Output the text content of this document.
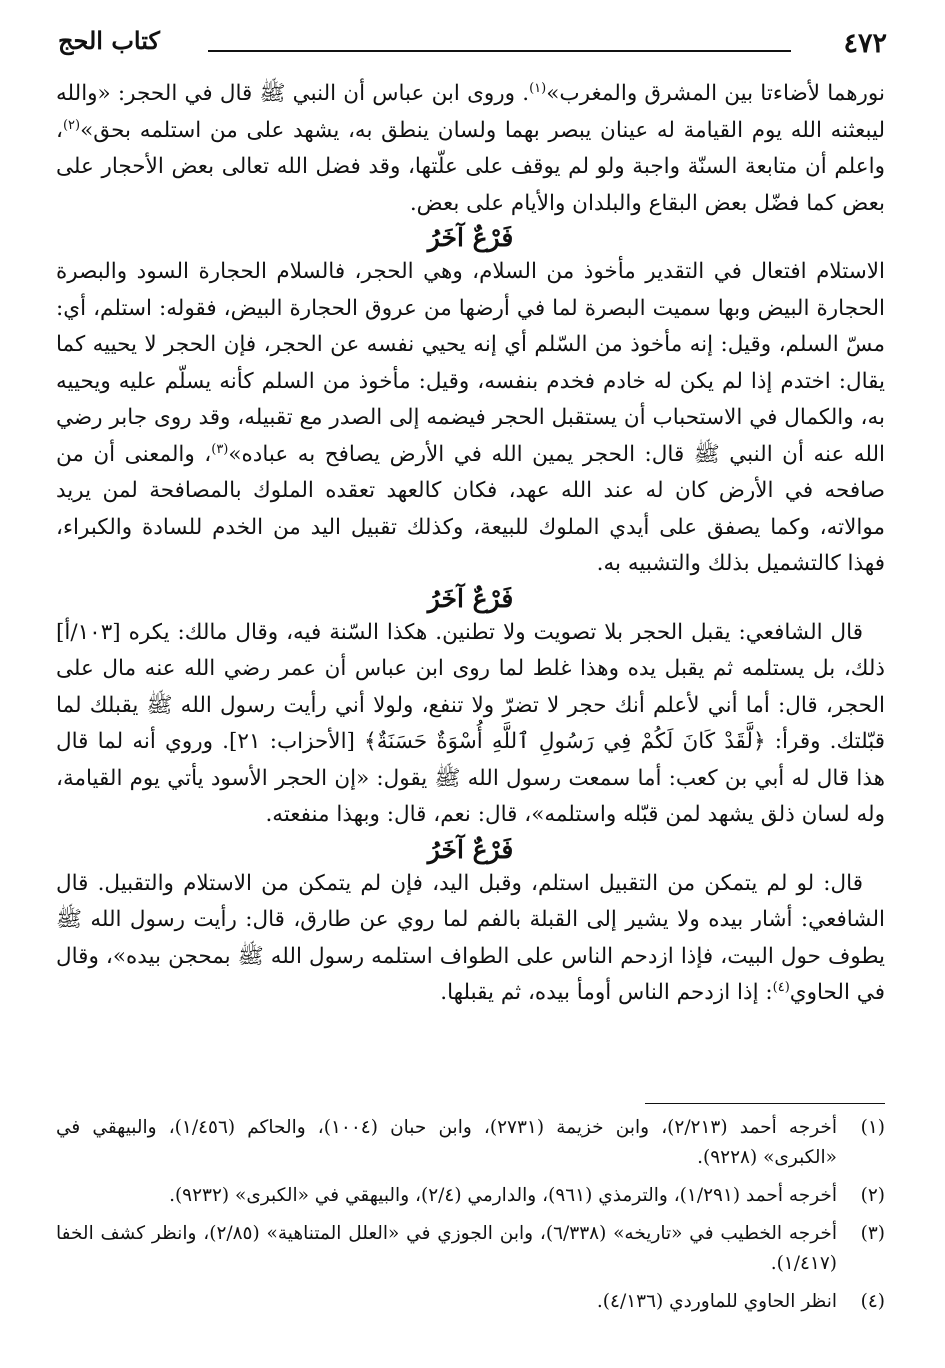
٤٧٢
كتاب الحج

نورهما لأضاءتا بين المشرق والمغرب»$^{(١)}$. وروى ابن عباس أن النبي ﷺ قال في الحجر: «والله ليبعثنه الله يوم القيامة له عينان يبصر بهما ولسان ينطق به، يشهد على من استلمه بحق»$^{(٢)}$، واعلم أن متابعة السنّة واجبة ولو لم يوقف على علّتها، وقد فضل الله تعالى بعض الأحجار على بعض كما فضّل بعض البقاع والبلدان والأيام على بعض.

فَرْعٌ آخَرُ

الاستلام افتعال في التقدير مأخوذ من السلام، وهي الحجر، فالسلام الحجارة السود والبصرة الحجارة البيض وبها سميت البصرة لما في أرضها من عروق الحجارة البيض، فقوله: استلم، أي: مسّ السلم، وقيل: إنه مأخوذ من السّلم أي إنه يحيي نفسه عن الحجر، فإن الحجر لا يحييه كما يقال: اختدم إذا لم يكن له خادم فخدم بنفسه، وقيل: مأخوذ من السلم كأنه يسلّم عليه ويحييه به، والكمال في الاستحباب أن يستقبل الحجر فيضمه إلى الصدر مع تقبيله، وقد روى جابر رضي الله عنه أن النبي ﷺ قال: الحجر يمين الله في الأرض يصافح به عباده»$^{(٣)}$، والمعنى أن من صافحه في الأرض كان له عند الله عهد، فكان كالعهد تعقده الملوك بالمصافحة لمن يريد موالاته، وكما يصفق على أيدي الملوك للبيعة، وكذلك تقبيل اليد من الخدم للسادة والكبراء، فهذا كالتشميل بذلك والتشبيه به.

فَرْعٌ آخَرُ

قال الشافعي: يقبل الحجر بلا تصويت ولا تطنين. هكذا السّنة فيه، وقال مالك: يكره [١٠٣/أ] ذلك، بل يستلمه ثم يقبل يده وهذا غلط لما روى ابن عباس أن عمر رضي الله عنه مال على الحجر، قال: أما أني لأعلم أنك حجر لا تضرّ ولا تنفع، ولولا أني رأيت رسول الله ﷺ يقبلك لما قبّلتك. وقرأ: ﴿لَّقَدْ كَانَ لَكُمْ فِي رَسُولِ ٱللَّهِ أُسْوَةٌ حَسَنَةٌ﴾ [الأحزاب: ٢١]. وروي أنه لما قال هذا قال له أبي بن كعب: أما سمعت رسول الله ﷺ يقول: «إن الحجر الأسود يأتي يوم القيامة، وله لسان ذلق يشهد لمن قبّله واستلمه»، قال: نعم، قال: وبهذا منفعته.

فَرْعٌ آخَرُ

قال: لو لم يتمكن من التقبيل استلم، وقبل اليد، فإن لم يتمكن من الاستلام والتقبيل. قال الشافعي: أشار بيده ولا يشير إلى القبلة بالفم لما روي عن طارق، قال: رأيت رسول الله ﷺ يطوف حول البيت، فإذا ازدحم الناس على الطواف استلمه رسول الله ﷺ بمحجن بيده»، وقال في الحاوي$^{(٤)}$: إذا ازدحم الناس أومأ بيده، ثم يقبلها.

(١)
أخرجه أحمد (٢/٢١٣)، وابن خزيمة (٢٧٣١)، وابن حبان (١٠٠٤)، والحاكم (١/٤٥٦)، والبيهقي في «الكبرى» (٩٢٢٨).
(٢)
أخرجه أحمد (١/٢٩١)، والترمذي (٩٦١)، والدارمي (٢/٤)، والبيهقي في «الكبرى» (٩٢٣٢).
(٣)
أخرجه الخطيب في «تاريخه» (٦/٣٣٨)، وابن الجوزي في «العلل المتناهية» (٢/٨٥)، وانظر كشف الخفا (١/٤١٧).
(٤)
انظر الحاوي للماوردي (٤/١٣٦).
